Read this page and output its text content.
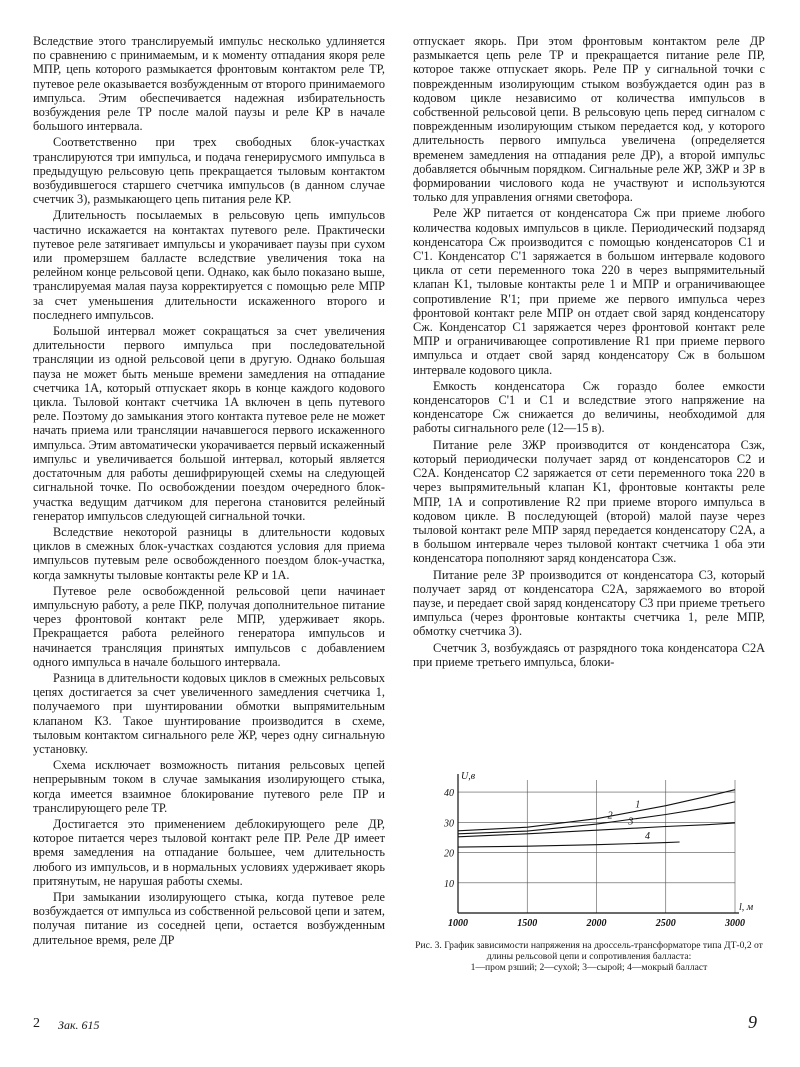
Вследствие этого транслируемый импульс несколько удлиняется по сравнению с принимаемым, и к моменту отпадания якоря реле МПР, цепь которого размыкается фронтовым контактом реле ТР, путевое реле оказывается возбужденным от второго принимаемого импульса. Этим обеспечивается надежная избирательность возбуждения реле ТР после малой паузы и реле КР в начале большого интервала.

Соответственно при трех свободных блок-участках транслируются три импульса, и подача генерирусмого импульса в предыдущую рельсовую цепь прекращается тыловым контактом возбудившегося старшего счетчика импульсов (в данном случае счетчик 3), размыкающего цепь питания реле КР.

Длительность посылаемых в рельсовую цепь импульсов частично искажается на контактах путевого реле. Практически путевое реле затягивает импульсы и укорачивает паузы при сухом или промерзшем балласте вследствие увеличения тока на релейном конце рельсовой цепи. Однако, как было показано выше, транслируемая малая пауза корректируется с помощью реле МПР за счет уменьшения длительности искаженного второго и последнего импульсов.

Большой интервал может сокращаться за счет увеличения длительности первого импульса при последовательной трансляции из одной рельсовой цепи в другую. Однако большая пауза не может быть меньше времени замедления на отпадание счетчика 1А, который отпускает якорь в конце каждого кодового цикла. Тыловой контакт счетчика 1А включен в цепь путевого реле. Поэтому до замыкания этого контакта путевое реле не может начать приема или трансляции начавшегося первого искаженного импульса. Этим автоматически укорачивается первый искаженный импульс и увеличивается большой интервал, который является достаточным для работы дешифрирующей схемы на следующей сигнальной точке. По освобождении поездом очередного блок-участка ведущим датчиком для перегона становится релейный генератор импульсов следующей сигнальной точки.

Вследствие некоторой разницы в длительности кодовых циклов в смежных блок-участках создаются условия для приема импульсов путевым реле освобожденного поездом блок-участка, когда замкнуты тыловые контакты реле КР и 1А.

Путевое реле освобожденной рельсовой цепи начинает импульсную работу, а реле ПКР, получая дополнительное питание через фронтовой контакт реле МПР, удерживает якорь. Прекращается работа релейного генератора импульсов и начинается трансляция принятых импульсов с добавлением одного импульса в начале большого интервала.

Разница в длительности кодовых циклов в смежных рельсовых цепях достигается за счет увеличенного замедления счетчика 1, получаемого при шунтировании обмотки выпрямительным клапаном К3. Такое шунтирование производится в схеме, тыловым контактом сигнального реле ЖР, через одну сигнальную установку.

Схема исключает возможность питания рельсовых цепей непрерывным током в случае замыкания изолирующего стыка, когда имеется взаимное блокирование путевого реле ПР и транслирующего реле ТР.

Достигается это применением деблокирующего реле ДР, которое питается через тыловой контакт реле ПР. Реле ДР имеет время замедления на отпадание большее, чем длительность любого из импульсов, и в нормальных условиях удерживает якорь притянутым, не нарушая работы схемы.

При замыкании изолирующего стыка, когда путевое реле возбуждается от импульса из собственной рельсовой цепи и затем, получая питание из соседней цепи, остается возбужденным длительное время, реле ДР

отпускает якорь. При этом фронтовым контактом реле ДР размыкается цепь реле ТР и прекращается питание реле ПР, которое также отпускает якорь. Реле ПР у сигнальной точки с поврежденным изолирующим стыком возбуждается один раз в кодовом цикле независимо от количества импульсов в собственной рельсовой цепи. В рельсовую цепь перед сигналом с поврежденным изолирующим стыком передается код, у которого длительность первого импульса увеличена (определяется временем замедления на отпадания реле ДР), а второй импульс добавляется обычным порядком. Сигнальные реле ЖР, ЗЖР и ЗР в формировании числового кода не участвуют и используются только для управления огнями светофора.

Реле ЖР питается от конденсатора Cж при приеме любого количества кодовых импульсов в цикле. Периодический подзаряд конденсатора Cж производится с помощью конденсаторов C1 и C'1. Конденсатор C'1 заряжается в большом интервале кодового цикла от сети переменного тока 220 в через выпрямительный клапан K1, тыловые контакты реле 1 и МПР и ограничивающее сопротивление R'1; при приеме же первого импульса через фронтовой контакт реле МПР он отдает свой заряд конденсатору Cж. Конденсатор C1 заряжается через фронтовой контакт реле МПР и ограничивающее сопротивление R1 при приеме первого импульса и отдает свой заряд конденсатору Cж в большом интервале кодового цикла.

Емкость конденсатора Cж гораздо более емкости конденсаторов C'1 и C1 и вследствие этого напряжение на конденсаторе Cж снижается до величины, необходимой для работы сигнального реле (12—15 в).

Питание реле ЗЖР производится от конденсатора Cзж, который периодически получает заряд от конденсаторов C2 и C2А. Конденсатор C2 заряжается от сети переменного тока 220 в через выпрямительный клапан K1, фронтовые контакты реле МПР, 1А и сопротивление R2 при приеме второго импульса в кодовом цикле. В последующей (второй) малой паузе через тыловой контакт реле МПР заряд передается конденсатору C2А, а в большом интервале через тыловой контакт счетчика 1 оба эти конденсатора пополняют заряд конденсатора Cзж.

Питание реле ЗР производится от конденсатора C3, который получает заряд от конденсатора C2А, заряжаемого во второй паузе, и передает свой заряд конденсатору C3 при приеме третьего импульса (через фронтовые контакты счетчика 1, реле МПР, обмотку счетчика 3).

Счетчик 3, возбуждаясь от разрядного тока конденсатора C2А при приеме третьего импульса, блоки-

10
20
30
40
1000	1500	2000	2500	3000
U,в
l, м
1
2
3
4
Рис. 3. График зависимости напряжения на дроссель-трансформаторе типа ДТ-0,2 от длины рельсовой цепи и сопротивления балласта:
1—пром рзший; 2—сухой; 3—сырой; 4—мокрый балласт
2 Зак. 615	9
